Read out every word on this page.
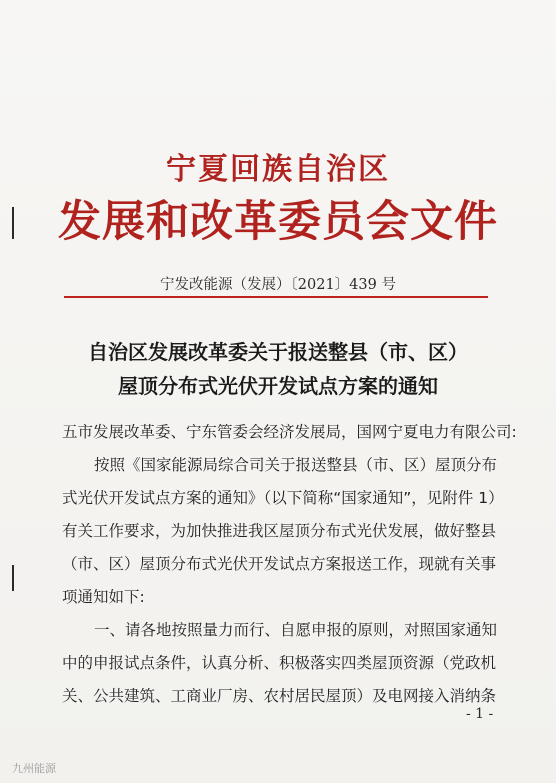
宁夏回族自治区
发展和改革委员会文件
宁发改能源（发展）〔2021〕439 号
自治区发展改革委关于报送整县（市、区）
屋顶分布式光伏开发试点方案的通知
五市发展改革委、宁东管委会经济发展局，国网宁夏电力有限公司:
按照《国家能源局综合司关于报送整县（市、区）屋顶分布
式光伏开发试点方案的通知》（以下简称“国家通知”，见附件 1）
有关工作要求，为加快推进我区屋顶分布式光伏发展，做好整县
（市、区）屋顶分布式光伏开发试点方案报送工作，现就有关事
项通知如下:
一、请各地按照量力而行、自愿申报的原则，对照国家通知
中的申报试点条件，认真分析、积极落实四类屋顶资源（党政机
关、公共建筑、工商业厂房、农村居民屋顶）及电网接入消纳条
- 1 -
九州能源
